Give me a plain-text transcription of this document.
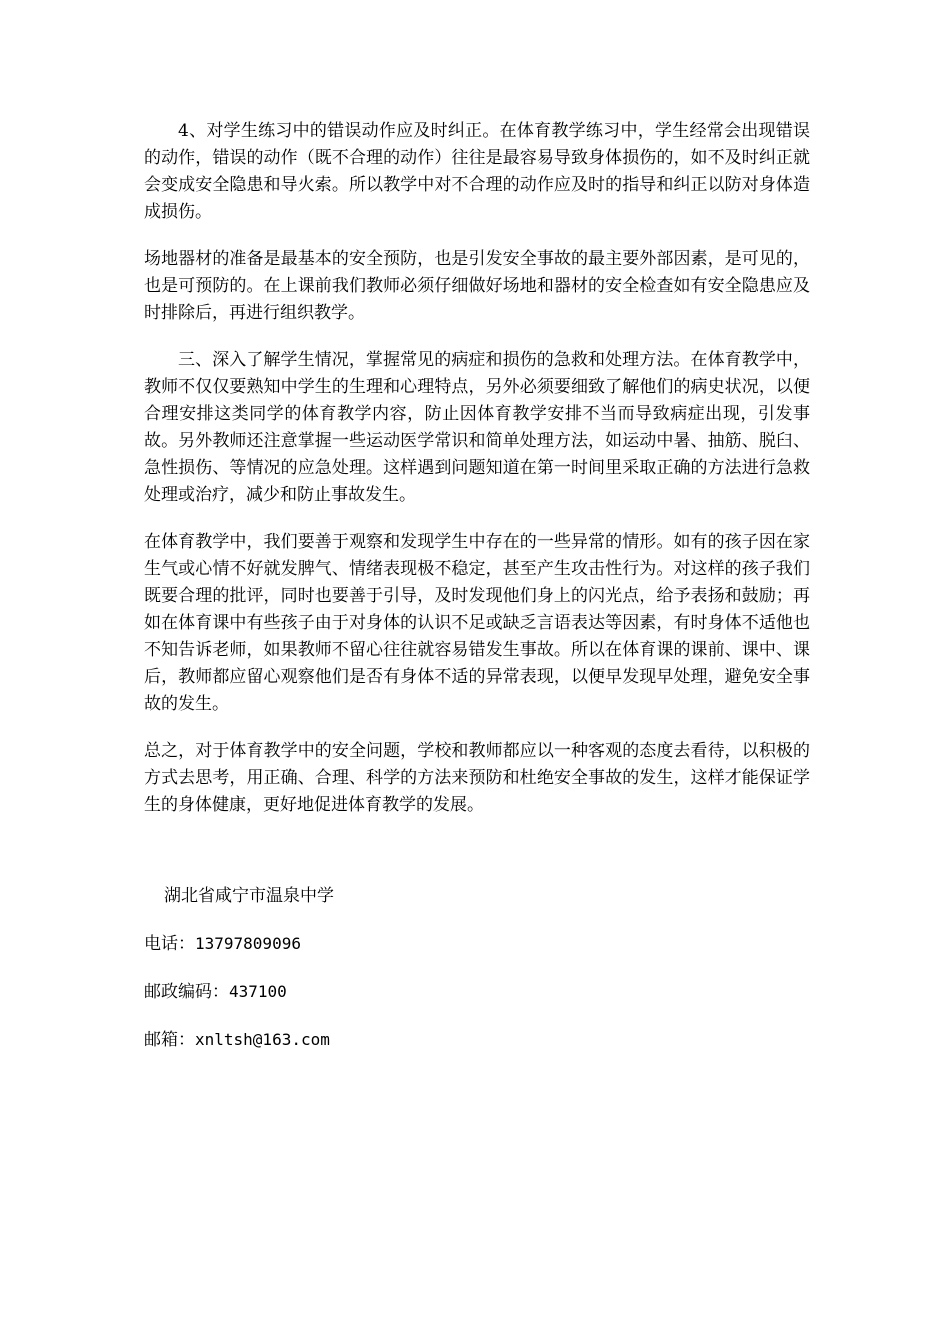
4、对学生练习中的错误动作应及时纠正。在体育教学练习中，学生经常会出现错误的动作，错误的动作（既不合理的动作）往往是最容易导致身体损伤的，如不及时纠正就会变成安全隐患和导火索。所以教学中对不合理的动作应及时的指导和纠正以防对身体造成损伤。

场地器材的准备是最基本的安全预防，也是引发安全事故的最主要外部因素，是可见的，也是可预防的。在上课前我们教师必须仔细做好场地和器材的安全检查如有安全隐患应及时排除后，再进行组织教学。

三、深入了解学生情况，掌握常见的病症和损伤的急救和处理方法。在体育教学中，教师不仅仅要熟知中学生的生理和心理特点，另外必须要细致了解他们的病史状况，以便合理安排这类同学的体育教学内容，防止因体育教学安排不当而导致病症出现，引发事故。另外教师还注意掌握一些运动医学常识和简单处理方法，如运动中暑、抽筋、脱臼、急性损伤、等情况的应急处理。这样遇到问题知道在第一时间里采取正确的方法进行急救处理或治疗，减少和防止事故发生。

在体育教学中，我们要善于观察和发现学生中存在的一些异常的情形。如有的孩子因在家生气或心情不好就发脾气、情绪表现极不稳定，甚至产生攻击性行为。对这样的孩子我们既要合理的批评，同时也要善于引导，及时发现他们身上的闪光点，给予表扬和鼓励；再如在体育课中有些孩子由于对身体的认识不足或缺乏言语表达等因素，有时身体不适他也不知告诉老师，如果教师不留心往往就容易错发生事故。所以在体育课的课前、课中、课后，教师都应留心观察他们是否有身体不适的异常表现，以便早发现早处理，避免安全事故的发生。

总之，对于体育教学中的安全问题，学校和教师都应以一种客观的态度去看待，以积极的方式去思考，用正确、合理、科学的方法来预防和杜绝安全事故的发生，这样才能保证学生的身体健康，更好地促进体育教学的发展。

湖北省咸宁市温泉中学
电话：13797809096
邮政编码：437100
邮箱：xnltsh@163.com
